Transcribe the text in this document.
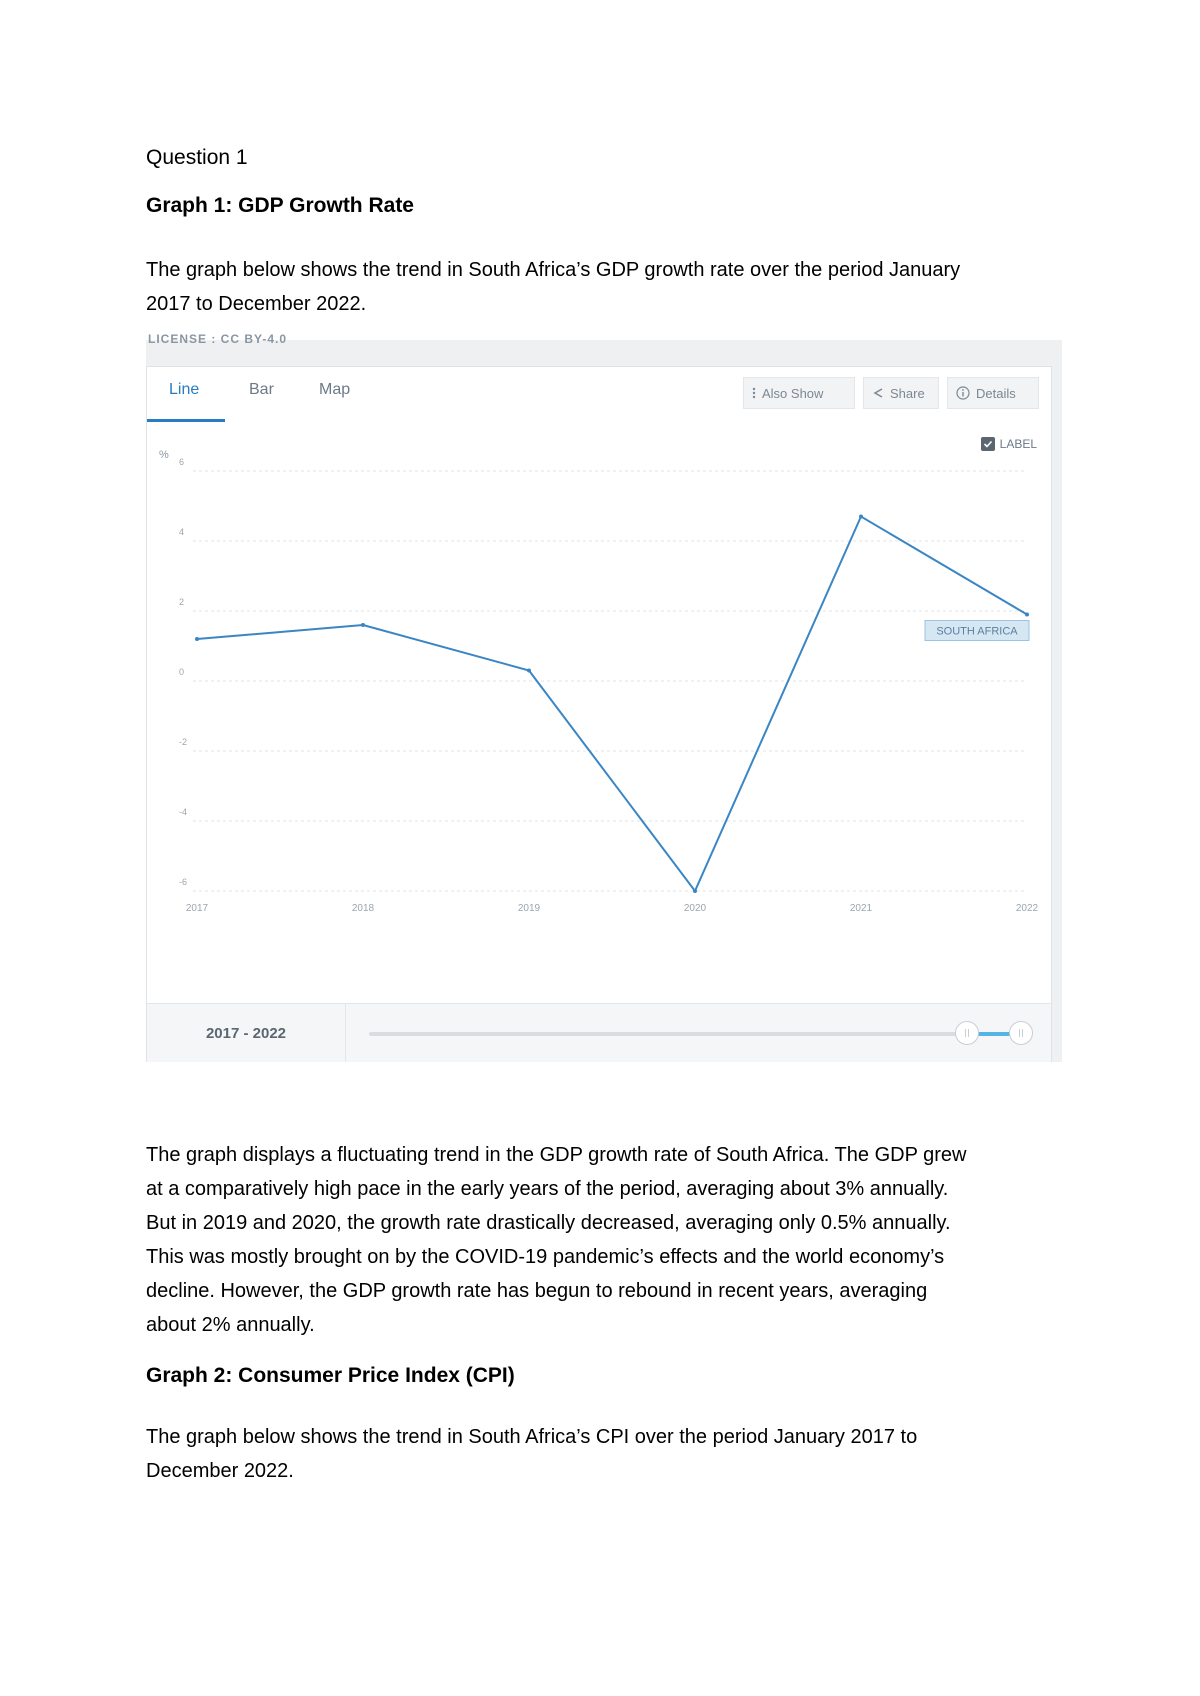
Question 1
Graph 1: GDP Growth Rate
The graph below shows the trend in South Africa’s GDP growth rate over the period January
2017 to December 2022.
The graph displays a fluctuating trend in the GDP growth rate of South Africa. The GDP grew
at a comparatively high pace in the early years of the period, averaging about 3% annually.
But in 2019 and 2020, the growth rate drastically decreased, averaging only 0.5% annually.
This was mostly brought on by the COVID-19 pandemic’s effects and the world economy’s
decline. However, the GDP growth rate has begun to rebound in recent years, averaging
about 2% annually.
Graph 2: Consumer Price Index (CPI)
The graph below shows the trend in South Africa’s CPI over the period January 2017 to
December 2022.
LICENSE : CC BY-4.0
Line	Bar	Map	Also Show	Share	Details
LABEL
%
6
4
2
0
-2
-4
-6
2017	2018	2019	2020	2021	2022
SOUTH AFRICA
2017 - 2022
